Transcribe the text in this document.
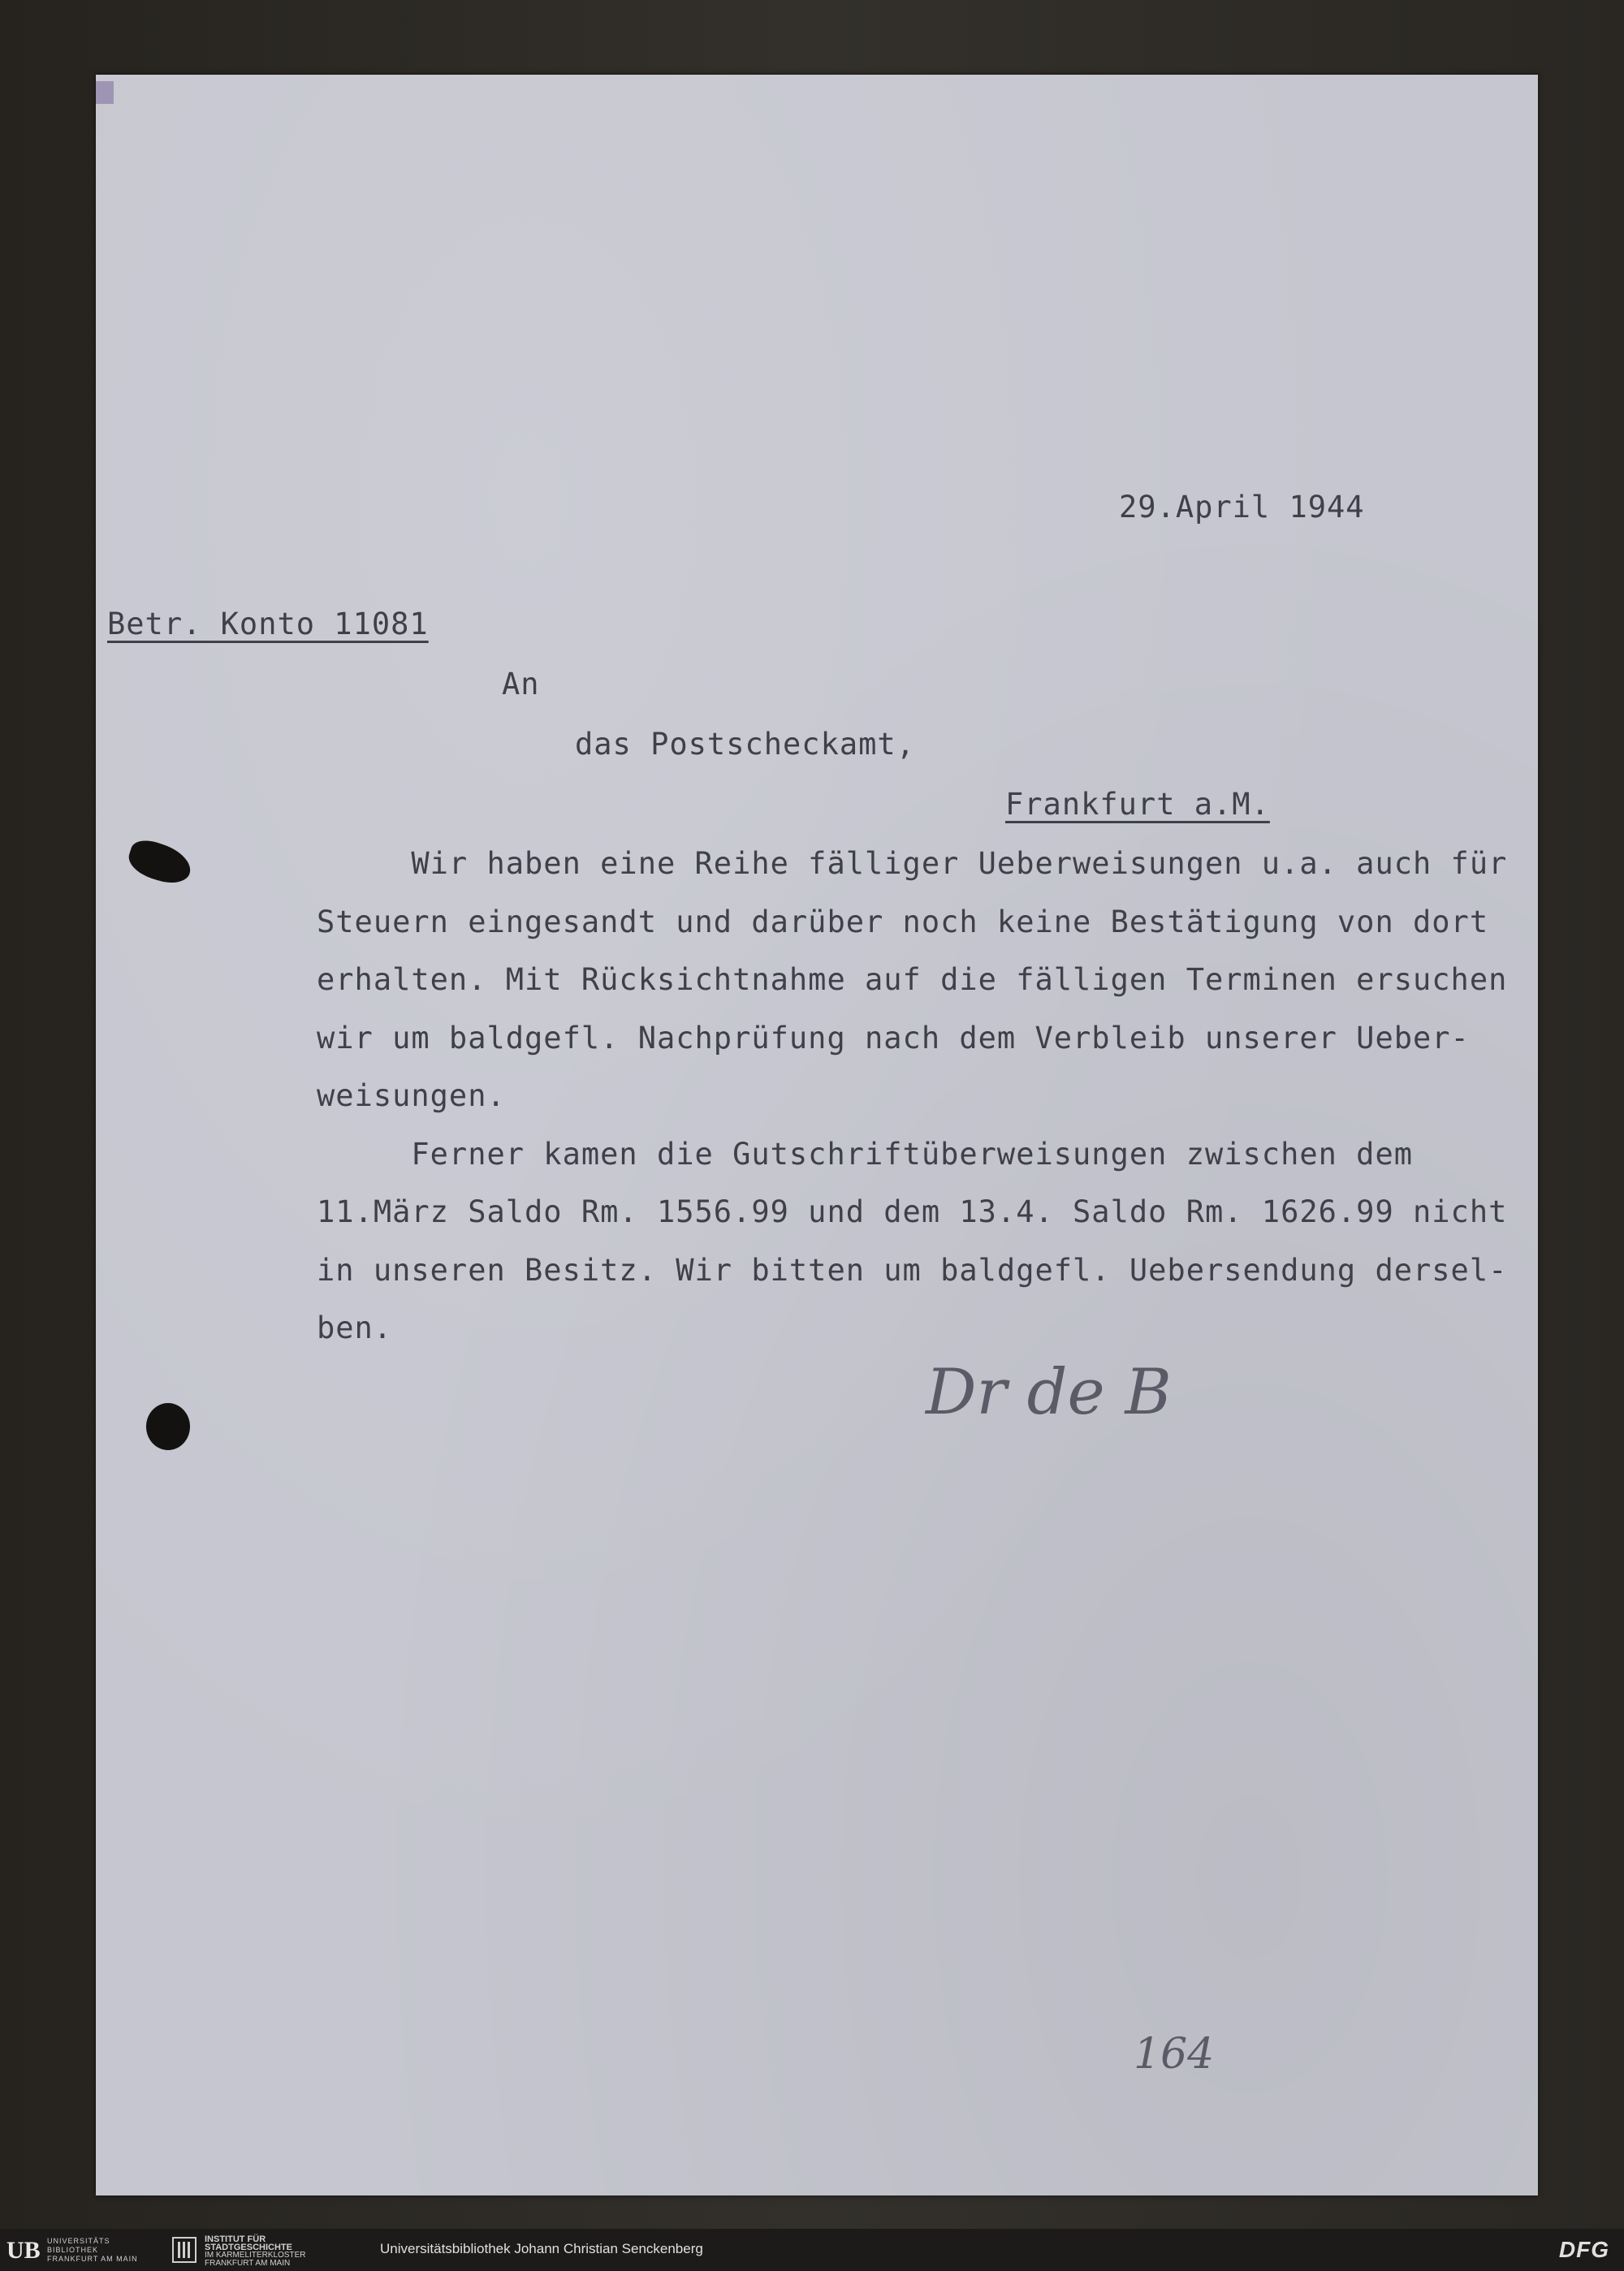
29.April 1944
Betr. Konto 11081
An
das Postscheckamt,
Frankfurt a.M.
Wir haben eine Reihe fälliger Ueberweisungen u.a. auch für
Steuern eingesandt und darüber noch keine Bestätigung von dort
erhalten. Mit Rücksichtnahme auf die fälligen Terminen ersuchen
wir um baldgefl. Nachprüfung nach dem Verbleib unserer Ueber-
weisungen.
Ferner kamen die Gutschriftüberweisungen zwischen dem
11.März Saldo Rm. 1556.99 und dem 13.4. Saldo Rm. 1626.99 nicht
in unseren Besitz. Wir bitten um baldgefl. Uebersendung dersel-
ben.
Dr de B
164
UB UNIVERSITÄTS
BIBLIOTHEK
FRANKFURT AM MAIN
INSTITUT FÜR
STADTGESCHICHTE
IM KARMELITERKLOSTER
FRANKFURT AM MAIN
Universitätsbibliothek Johann Christian Senckenberg	DFG
